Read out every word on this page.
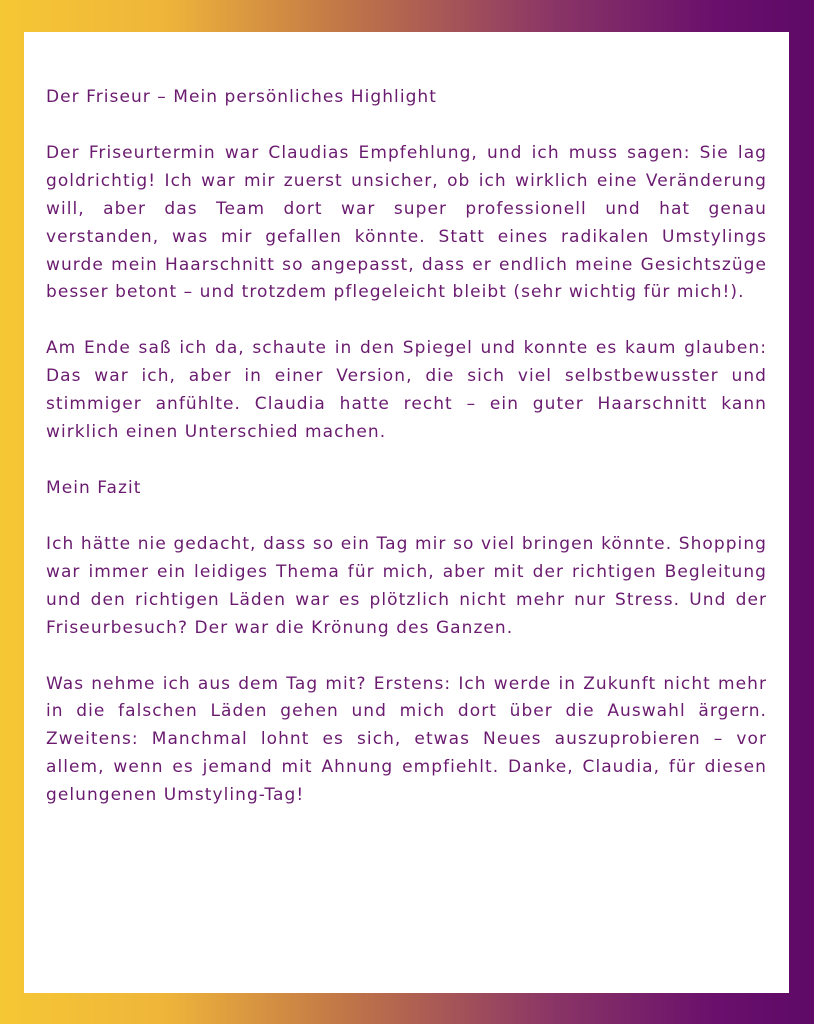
Der Friseur – Mein persönliches Highlight
Der Friseurtermin war Claudias Empfehlung, und ich muss sagen: Sie lag goldrichtig! Ich war mir zuerst unsicher, ob ich wirklich eine Veränderung will, aber das Team dort war super professionell und hat genau verstanden, was mir gefallen könnte. Statt eines radikalen Umstylings wurde mein Haarschnitt so angepasst, dass er endlich meine Gesichtszüge besser betont – und trotzdem pflegeleicht bleibt (sehr wichtig für mich!).
Am Ende saß ich da, schaute in den Spiegel und konnte es kaum glauben: Das war ich, aber in einer Version, die sich viel selbstbewusster und stimmiger anfühlte. Claudia hatte recht – ein guter Haarschnitt kann wirklich einen Unterschied machen.
Mein Fazit
Ich hätte nie gedacht, dass so ein Tag mir so viel bringen könnte. Shopping war immer ein leidiges Thema für mich, aber mit der richtigen Begleitung und den richtigen Läden war es plötzlich nicht mehr nur Stress. Und der Friseurbesuch? Der war die Krönung des Ganzen.
Was nehme ich aus dem Tag mit? Erstens: Ich werde in Zukunft nicht mehr in die falschen Läden gehen und mich dort über die Auswahl ärgern. Zweitens: Manchmal lohnt es sich, etwas Neues auszuprobieren – vor allem, wenn es jemand mit Ahnung empfiehlt. Danke, Claudia, für diesen gelungenen Umstyling-Tag!
